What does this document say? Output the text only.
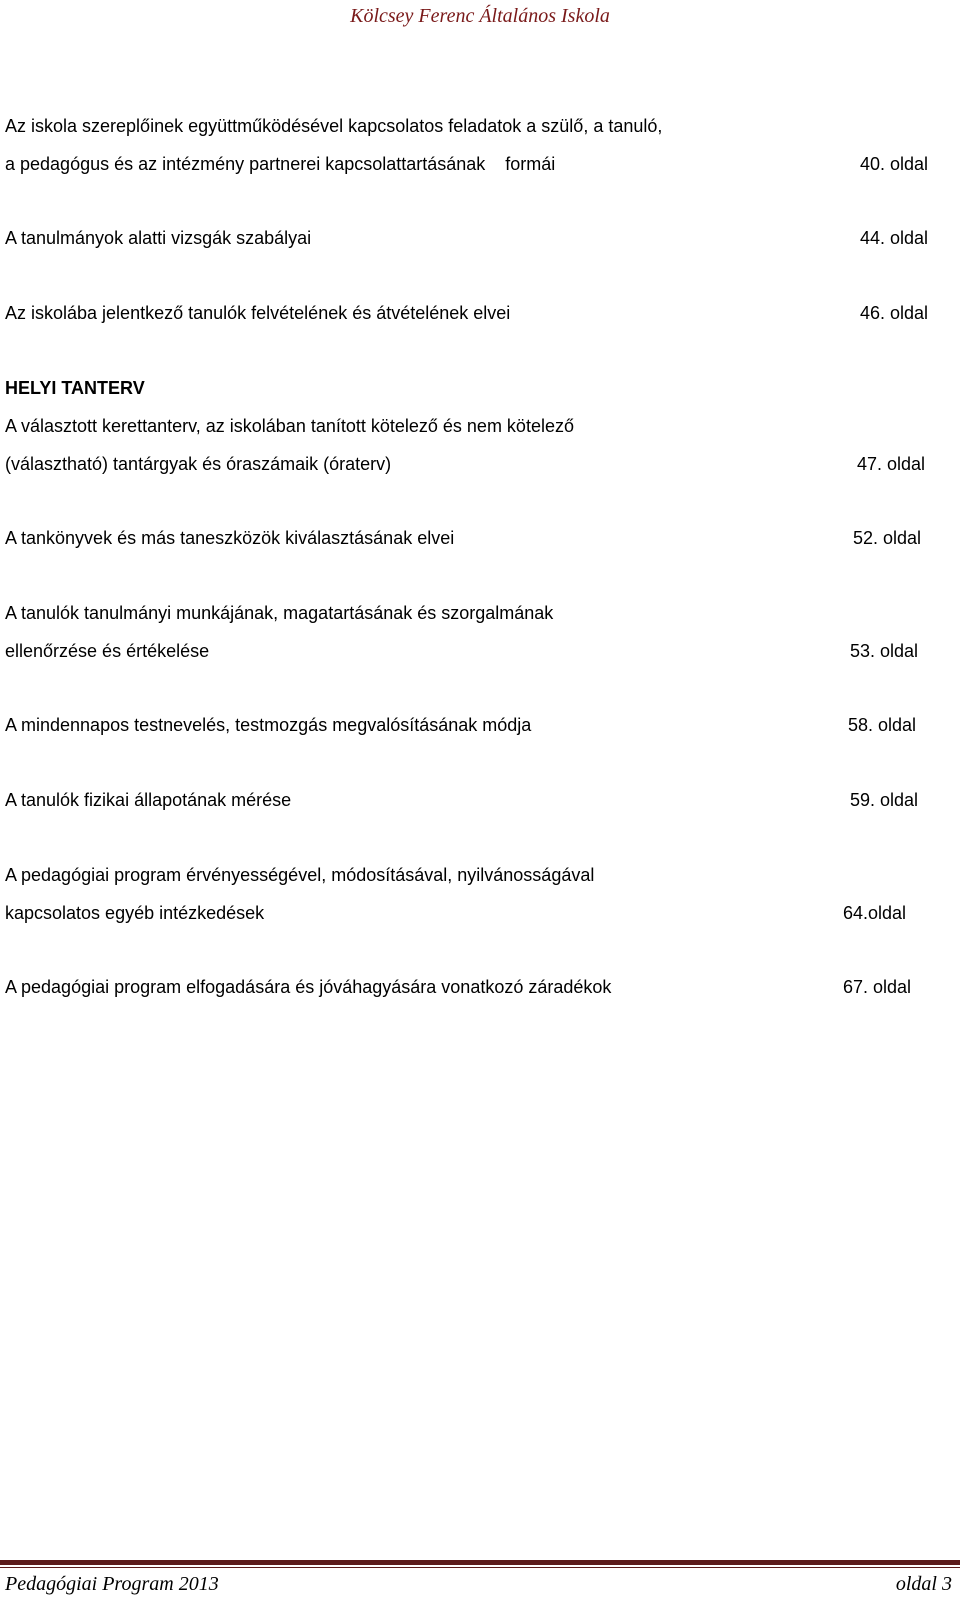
Kölcsey Ferenc Általános Iskola
Az iskola szereplőinek együttműködésével kapcsolatos feladatok a szülő, a tanuló,
a pedagógus és az intézmény partnerei kapcsolattartásának    formái	40. oldal
A tanulmányok alatti vizsgák szabályai	44. oldal
Az iskolába jelentkező tanulók felvételének és átvételének elvei	46. oldal
HELYI TANTERV
A választott kerettanterv, az iskolában tanított kötelező és nem kötelező
(választható) tantárgyak és óraszámaik (óraterv)	47. oldal
A tankönyvek és más taneszközök kiválasztásának elvei	52. oldal
A tanulók tanulmányi munkájának, magatartásának és szorgalmának
ellenőrzése és értékelése	53. oldal
A mindennapos testnevelés, testmozgás megvalósításának módja	58. oldal
A tanulók fizikai állapotának mérése	59. oldal
A pedagógiai program érvényességével, módosításával, nyilvánosságával
kapcsolatos egyéb intézkedések	64.oldal
A pedagógiai program elfogadására és jóváhagyására vonatkozó záradékok	67. oldal
Pedagógiai Program 2013	oldal 3
